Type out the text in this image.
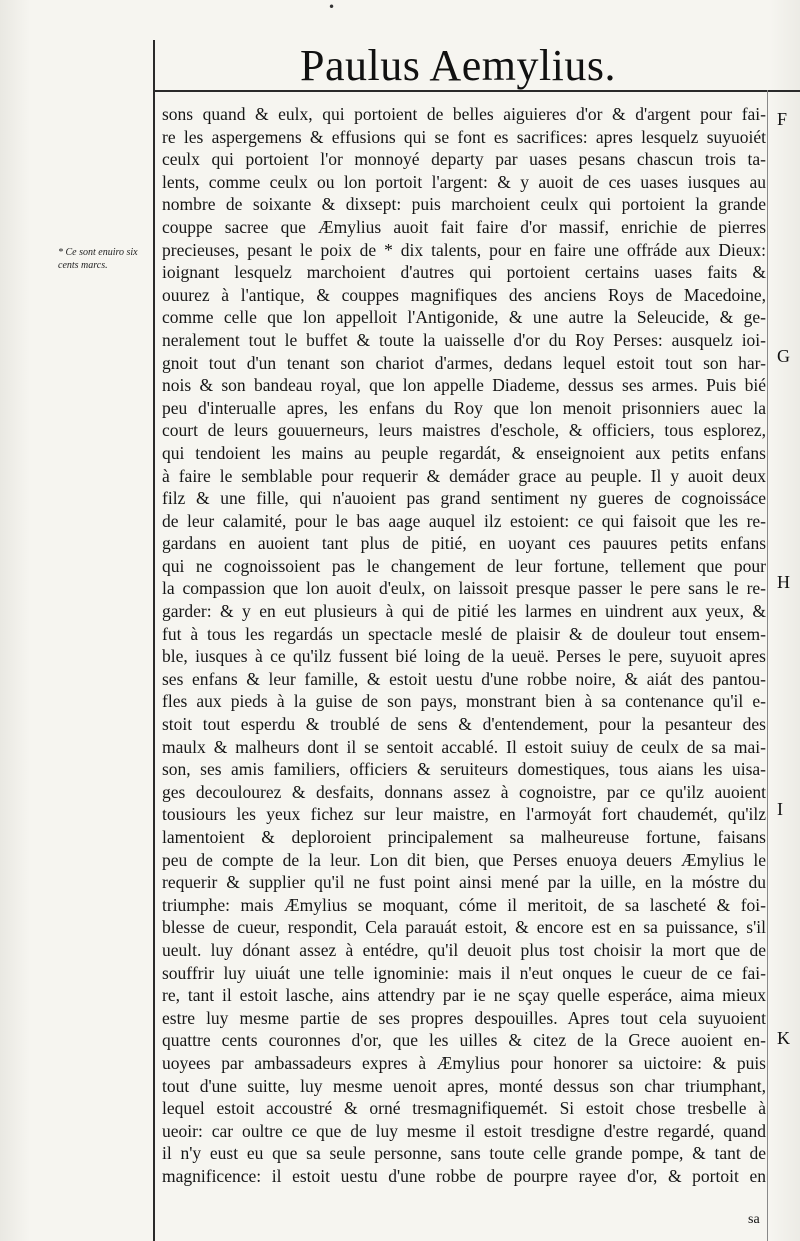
•
Paulus Aemylius.
* Ce sont enuiro six cents marcs.
sons quand & eulx, qui portoient de belles aiguieres d'or & d'argent pour fai-
re les aspergemens & effusions qui se font es sacrifices: apres lesquelz suyuoiét
ceulx qui portoient l'or monnoyé departy par uases pesans chascun trois ta-
lents, comme ceulx ou lon portoit l'argent: & y auoit de ces uases iusques au
nombre de soixante & dixsept: puis marchoient ceulx qui portoient la grande
couppe sacree que Æmylius auoit fait faire d'or massif, enrichie de pierres
precieuses, pesant le poix de * dix talents, pour en faire une offráde aux Dieux:
ioignant lesquelz marchoient d'autres qui portoient certains uases faits &
ouurez à l'antique, & couppes magnifiques des anciens Roys de Macedoine,
comme celle que lon appelloit l'Antigonide, & une autre la Seleucide, & ge-
neralement tout le buffet & toute la uaisselle d'or du Roy Perses: ausquelz ioi-
gnoit tout d'un tenant son chariot d'armes, dedans lequel estoit tout son har-
nois & son bandeau royal, que lon appelle Diademe, dessus ses armes. Puis bié
peu d'interualle apres, les enfans du Roy que lon menoit prisonniers auec la
court de leurs gouuerneurs, leurs maistres d'eschole, & officiers, tous esplorez,
qui tendoient les mains au peuple regardát, & enseignoient aux petits enfans
à faire le semblable pour requerir & demáder grace au peuple. Il y auoit deux
filz & une fille, qui n'auoient pas grand sentiment ny gueres de cognoissáce
de leur calamité, pour le bas aage auquel ilz estoient: ce qui faisoit que les re-
gardans en auoient tant plus de pitié, en uoyant ces pauures petits enfans
qui ne cognoissoient pas le changement de leur fortune, tellement que pour
la compassion que lon auoit d'eulx, on laissoit presque passer le pere sans le re-
garder: & y en eut plusieurs à qui de pitié les larmes en uindrent aux yeux, &
fut à tous les regardás un spectacle meslé de plaisir & de douleur tout ensem-
ble, iusques à ce qu'ilz fussent bié loing de la ueuë. Perses le pere, suyuoit apres
ses enfans & leur famille, & estoit uestu d'une robbe noire, & aiát des pantou-
fles aux pieds à la guise de son pays, monstrant bien à sa contenance qu'il e-
stoit tout esperdu & troublé de sens & d'entendement, pour la pesanteur des
maulx & malheurs dont il se sentoit accablé. Il estoit suiuy de ceulx de sa mai-
son, ses amis familiers, officiers & seruiteurs domestiques, tous aians les uisa-
ges decoulourez & desfaits, donnans assez à cognoistre, par ce qu'ilz auoient
tousiours les yeux fichez sur leur maistre, en l'armoyát fort chaudemét, qu'ilz
lamentoient & deploroient principalement sa malheureuse fortune, faisans
peu de compte de la leur. Lon dit bien, que Perses enuoya deuers Æmylius le
requerir & supplier qu'il ne fust point ainsi mené par la uille, en la móstre du
triumphe: mais Æmylius se moquant, cóme il meritoit, de sa lascheté & foi-
blesse de cueur, respondit, Cela parauát estoit, & encore est en sa puissance, s'il
ueult. luy dónant assez à entédre, qu'il deuoit plus tost choisir la mort que de
souffrir luy uiuát une telle ignominie: mais il n'eut onques le cueur de ce fai-
re, tant il estoit lasche, ains attendry par ie ne sçay quelle esperáce, aima mieux
estre luy mesme partie de ses propres despouilles. Apres tout cela suyuoient
quattre cents couronnes d'or, que les uilles & citez de la Grece auoient en-
uoyees par ambassadeurs expres à Æmylius pour honorer sa uictoire: & puis
tout d'une suitte, luy mesme uenoit apres, monté dessus son char triumphant,
lequel estoit accoustré & orné tresmagnifiquemét. Si estoit chose tresbelle à
ueoir: car oultre ce que de luy mesme il estoit tresdigne d'estre regardé, quand
il n'y eust eu que sa seule personne, sans toute celle grande pompe, & tant de
magnificence: il estoit uestu d'une robbe de pourpre rayee d'or, & portoit en
F
G
H
I
K
sa
